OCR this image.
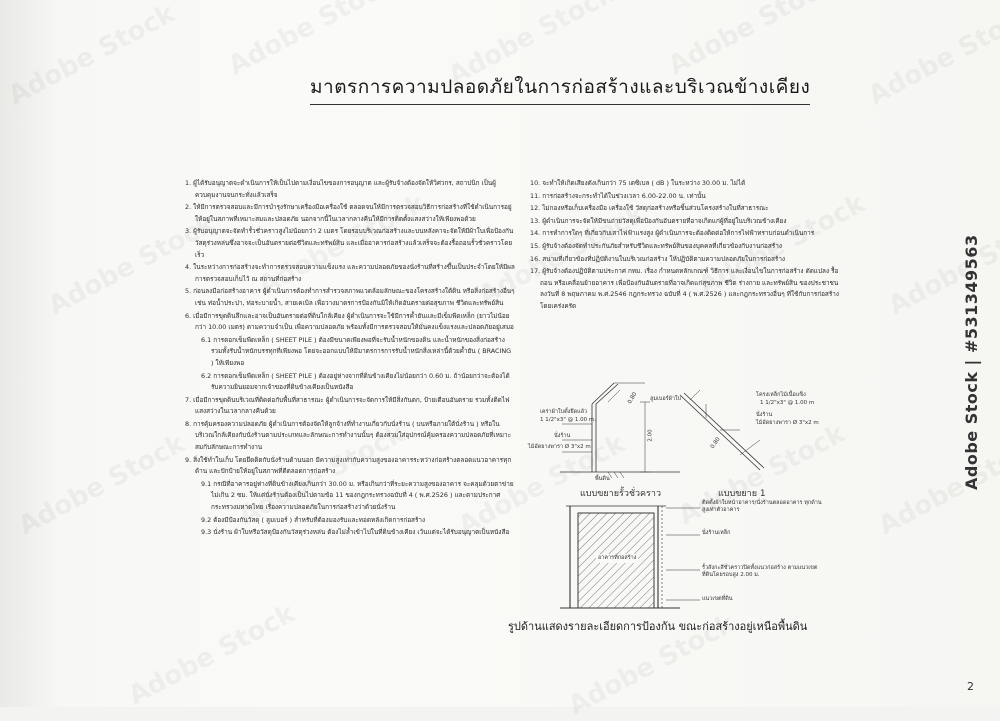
มาตรการความปลอดภัยในการก่อสร้างและบริเวณข้างเคียง
1. ผู้ได้รับอนุญาตจะดำเนินการให้เป็นไปตามเงื่อนไขของการอนุญาต และผู้รับจ้างต้องจัดให้วิศวกร, สถาปนิก เป็นผู้ควบคุมงานจนกระทั่งแล้วเสร็จ
2. ให้มีการตรวจสอบและมีการบำรุงรักษาเครื่องมือเครื่องใช้ ตลอดจนให้มีการตรวจสอบวิธีการก่อสร้างที่ใช้ดำเนินการอยู่ให้อยู่ในสภาพที่เหมาะสมและปลอดภัย นอกจากนี้ในเวลากลางคืนให้มีการติดตั้งแสงสว่างให้เพียงพอด้วย
3. ผู้รับอนุญาตจะจัดทำรั้วชั่วคราวสูงไม่น้อยกว่า 2 เมตร โดยรอบบริเวณก่อสร้างและบนหลังคาจะจัดให้มีผ้าใบเพื่อป้องกันวัสดุร่วงหล่นซึ่งอาจจะเป็นอันตรายต่อชีวิตและทรัพย์สิน และเมื่ออาคารก่อสร้างแล้วเสร็จจะต้องรื้อถอนรั้วชั่วคราวโดยเร็ว
4. ในระหว่างการก่อสร้างจะทำการตรวจสอบความแข็งแรง และความปลอดภัยของนั่งร้านที่สร้างขึ้นเป็นประจำโดยให้มีผลการตรวจสอบเก็บไว้ ณ สถานที่ก่อสร้าง
5. ก่อนลงมือก่อสร้างอาคาร ผู้ดำเนินการต้องทำการสำรวจสภาพแวดล้อมลักษณะของโครงสร้างใต้ดิน หรือสิ่งก่อสร้างอื่นๆ เช่น ท่อน้ำประปา, ท่อระบายน้ำ, สายเคเบิล เพื่อวางมาตรการป้องกันมิให้เกิดอันตรายต่อสุขภาพ ชีวิตและทรัพย์สิน
6. เมื่อมีการขุดดินลึกและอาจเป็นอันตรายต่อที่ดินใกล้เคียง ผู้ดำเนินการจะใช้มีการค้ำยันและมีเข็มพืดเหล็ก (ยาวไม่น้อยกว่า 10.00 เมตร) ตามความจำเป็น เพื่อความปลอดภัย พร้อมทั้งมีการตรวจสอบให้มั่นคงแข็งแรงและปลอดภัยอยู่เสมอ
6.1 การตอกเข็มพืดเหล็ก ( SHEET PILE ) ต้องมีขนาดเพียงพอที่จะรับน้ำหนักของดิน และน้ำหนักของสิ่งก่อสร้างรวมทั้งรับน้ำหนักบรรทุกที่เพียงพอ โดยจะออกแบบให้มีมาตรการการรับน้ำหนักสิ่งเหล่านี้ด้วยค้ำยัน ( BRACING ) ให้เพียงพอ
6.2 การตอกเข็มพืดเหล็ก ( SHEET PILE ) ต้องอยู่ห่างจากที่ดินข้างเคียงไม่น้อยกว่า 0.60 ม. ถ้าน้อยกว่าจะต้องได้รับความยินยอมจากเจ้าของที่ดินข้างเคียงเป็นหนังสือ
7. เมื่อมีการขุดดินบริเวณที่ติดต่อกับพื้นที่สาธารณะ ผู้ดำเนินการจะจัดการให้มีสิ่งกันตก, ป้ายเตือนอันตราย รวมทั้งติดไฟแสงสว่างในเวลากลางคืนด้วย
8. การคุ้มครองความปลอดภัย ผู้ดำเนินการต้องจัดให้ลูกจ้างที่ทำงานเกี่ยวกับนั่งร้าน ( บนหรือภายใต้นั่งร้าน ) หรือในบริเวณใกล้เคียงกับนั่งร้านตามประเภทและลักษณะการทำงานนั้นๆ ต้องสวมใส่อุปกรณ์คุ้มครองความปลอดภัยที่เหมาะสมกับลักษณะการทำงาน
9. สิ่งใช้ทำในเก็บ โดยยึดติดกับนั่งร้านด้านนอก มีความสูงเท่ากับความสูงของอาคารระหว่างก่อสร้างตลอดแนวอาคารทุกด้าน และปักป้ายให้อยู่ในสภาพที่ดีตลอดการก่อสร้าง
9.1 กรณีที่อาคารอยู่ห่างที่ดินข้างเคียงเกินกว่า 30.00 ม. หรือเกินกว่าที่ระยะความสูงของอาคาร จะคลุมด้วยตาข่ายไม่เกิน 2 ซม. ให้แต่นั่งร้านต้องเป็นไปตามข้อ 11 ของกฎกระทรวงฉบับที่ 4 ( พ.ศ.2526 ) และตามประกาศกระทรวงมหาดไทย เรื่องความปลอดภัยในการก่อสร้างว่าด้วยนั่งร้าน
9.2 ต้องมีป้องกันวัสดุ ( ลูมเบอร์ ) สำหรับที่ต้องมองรับและทอดหลังเกิดการก่อสร้าง
9.3 นั่งร้าน ผ้าใบหรือวัสดุป้องกันวัสดุร่วงหล่น ต้องไม่ล้ำเข้าไปในที่ดินข้างเคียง เว้นแต่จะได้รับอนุญาตเป็นหนังสือ
10. จะทำให้เกิดเสียงดังเกินกว่า 75 เดซิเบล ( dB ) ในระหว่าง 30.00 ม. ไม่ได้
11. การก่อสร้างจะกระทำได้ในช่วงเวลา 6.00-22.00 น. เท่านั้น
12. ไม่กองหรือเก็บเครื่องมือ เครื่องใช้ วัสดุก่อสร้างหรือชิ้นส่วนโครงสร้างในที่สาธารณะ
13. ผู้ดำเนินการจะจัดให้มีขนถ่ายวัสดุเพื่อป้องกันอันตรายที่อาจเกิดแก่ผู้ที่อยู่ในบริเวณข้างเคียง
14. การทำการใดๆ ที่เกี่ยวกับเสาไฟฟ้าแรงสูง ผู้ดำเนินการจะต้องติดต่อให้การไฟฟ้าทราบก่อนดำเนินการ
15. ผู้รับจ้างต้องจัดทำประกันภัยสำหรับชีวิตและทรัพย์สินของบุคคลที่เกี่ยวข้องกับงานก่อสร้าง
16. สนามที่เกี่ยวข้องที่ปฏิบัติงานในบริเวณก่อสร้าง ให้ปฏิบัติตามความปลอดภัยในการก่อสร้าง
17. ผู้รับจ้างต้องปฏิบัติตามประกาศ กทม. เรื่อง กำหนดหลักเกณฑ์ วิธีการ และเงื่อนไขในการก่อสร้าง ดัดแปลง รื้อถอน หรือเคลื่อนย้ายอาคาร เพื่อป้องกันอันตรายที่อาจเกิดแก่สุขภาพ ชีวิต ร่างกาย และทรัพย์สิน ของประชาชน ลงวันที่ 8 พฤษภาคม พ.ศ.2546 กฎกระทรวง ฉบับที่ 4 ( พ.ศ.2526 ) และกฎกระทรวงอื่นๆ ที่ใช้กับการก่อสร้างโดยเคร่งครัด
ลูมเบอร์ผ้าใบ
เคร่าผ้าใบตั้งยึดแล้ว
1 1/2"x3" @ 1.00 m.
นั่งร้าน
ไม้อัดยางพารา Ø 3"x2 m
0.80
2.00
พื้นดิน
โครงเหล็กไม้เนื้อแข็ง
1 1/2"x3" @ 1.00 m
นั่งร้าน
ไม้อัดยางพารา Ø 3"x2 m
0.80
แบบขยายรั้วชั่วคราว	แบบขยาย 1
ติดตั้งผ้าใบหน้าอาคาร/นั่งร้านตลอดอาคาร ทุกด้านสูงเท่าตัวอาคาร
นั่งร้านเหล็ก
รั้วสังกะสีชั่วคราวปิดทั้งแนวก่อสร้าง ตามแนวเขตที่ดินโดยรอบสูง 2.00 ม.
แนวเขตที่ดิน
อาคารที่ก่อสร้าง
รูปด้านแสดงรายละเอียดการป้องกัน ขณะก่อสร้างอยู่เหนือพื้นดิน
Adobe Stock | #531349563
2
